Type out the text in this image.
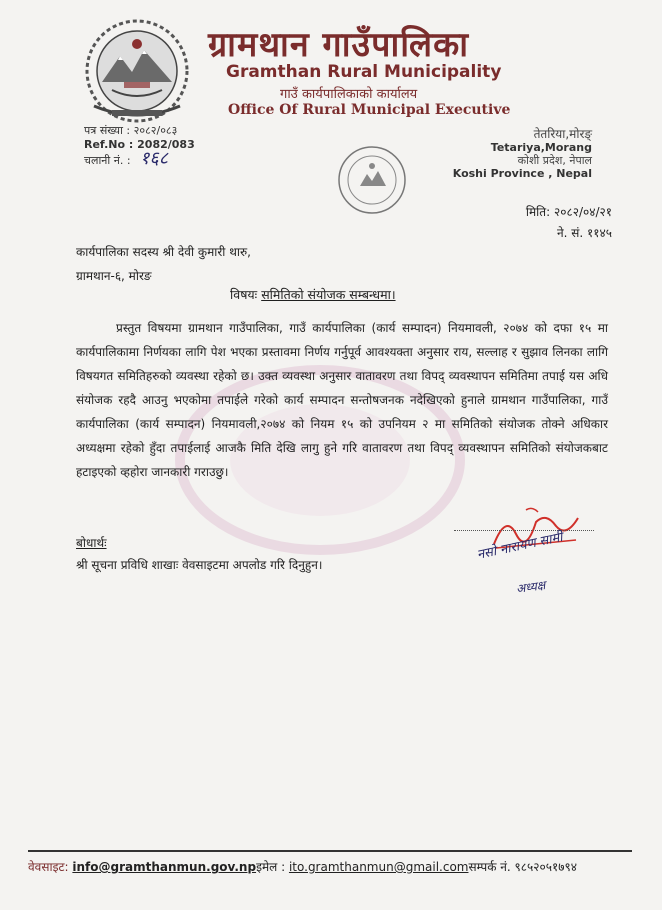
ग्रामथान गाउँपालिका
Gramthan Rural Municipality
गाउँ कार्यपालिकाको कार्यालय
Office Of Rural Municipal Executive
पत्र संख्या : २०८२/०८३
Ref.No : 2082/083
चलानी नं. : १६८
तेतरिया,मोरङ्
Tetariya,Morang
कोशी प्रदेश, नेपाल
Koshi Province , Nepal
मिति: २०८२/०४/२१
ने. सं. ११४५
कार्यपालिका सदस्य श्री देवी कुमारी थारु,
ग्रामथान-६, मोरङ
विषयः समितिको संयोजक सम्बन्धमा।

प्रस्तुत विषयमा ग्रामथान गाउँपालिका, गाउँ कार्यपालिका (कार्य सम्पादन) नियमावली, २०७४ को दफा १५ मा कार्यपालिकामा निर्णयका लागि पेश भएका प्रस्तावमा निर्णय गर्नुपूर्व आवश्यक्ता अनुसार राय, सल्लाह र सुझाव लिनका लागि विषयगत समितिहरुको व्यवस्था रहेको छ। उक्त व्यवस्था अनुसार वातावरण तथा विपद् व्यवस्थापन समितिमा तपाई यस अधि संयोजक रहदै आउनु भएकोमा तपाईले गरेको कार्य सम्पादन सन्तोषजनक नदेखिएको हुनाले ग्रामथान गाउँपालिका, गाउँ कार्यपालिका (कार्य सम्पादन) नियमावली,२०७४ को नियम १५ को उपनियम २ मा समितिको संयोजक तोक्ने अधिकार अध्यक्षमा रहेको हुँदा तपाईलाई आजकै मिति देखि लागु हुने गरि वातावरण तथा विपद् व्यवस्थापन समितिको संयोजकबाट हटाइएको व्हहोरा जानकारी गराउछु।

बोधार्थः
श्री सूचना प्रविधि शाखाः वेवसाइटमा अपलोड गरि दिनुहुन।
नसो नारायण सामी
अध्यक्ष
वेवसाइट: info@gramthanmun.gov.npइमेल : ito.gramthanmun@gmail.comसम्पर्क नं. ९८५२०५१७९४
